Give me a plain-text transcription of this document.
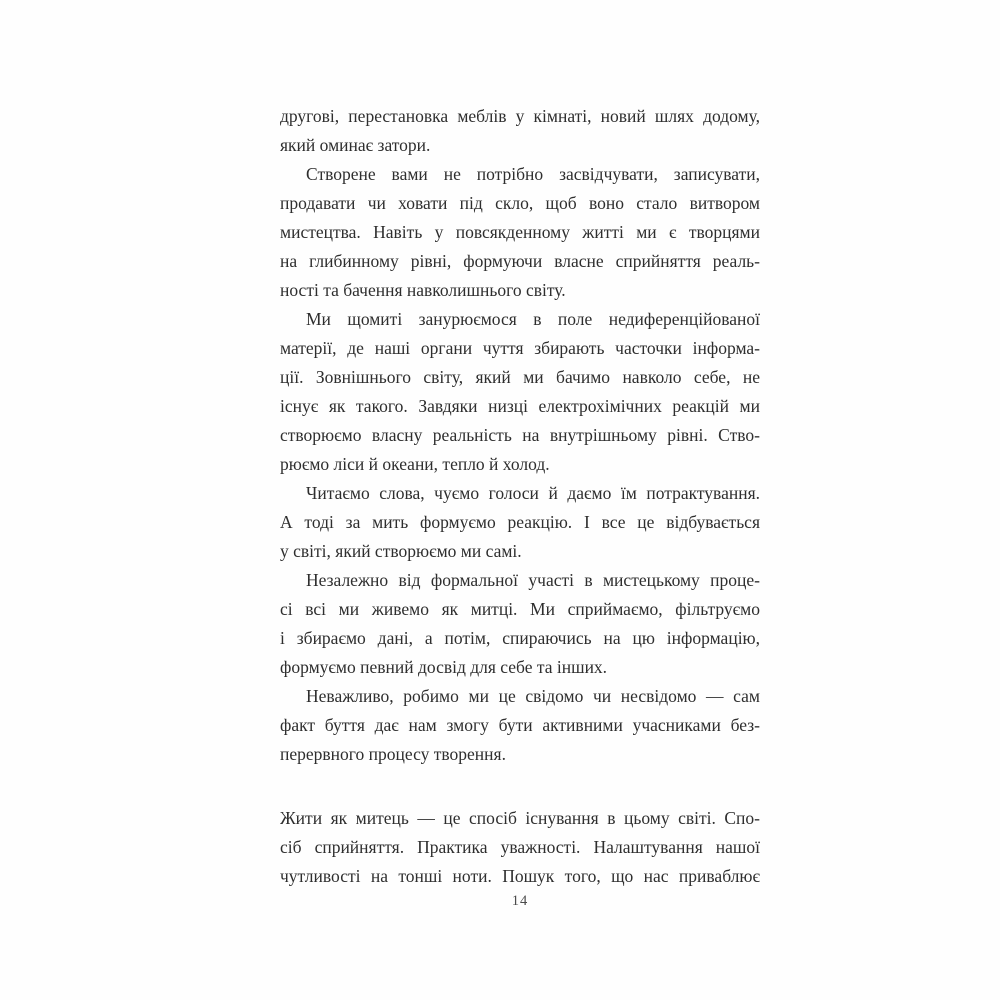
другові, перестановка меблів у кімнаті, новий шлях додому,
який оминає затори.
Створене вами не потрібно засвідчувати, записувати,
продавати чи ховати під скло, щоб воно стало витвором
мистецтва. Навіть у повсякденному житті ми є творцями
на глибинному рівні, формуючи власне сприйняття реаль-
ності та бачення навколишнього світу.
Ми щомиті занурюємося в поле недиференційованої
матерії, де наші органи чуття збирають часточки інформа-
ції. Зовнішнього світу, який ми бачимо навколо себе, не
існує як такого. Завдяки низці електрохімічних реакцій ми
створюємо власну реальність на внутрішньому рівні. Ство-
рюємо ліси й океани, тепло й холод.
Читаємо слова, чуємо голоси й даємо їм потрактування.
А тоді за мить формуємо реакцію. І все це відбувається
у світі, який створюємо ми самі.
Незалежно від формальної участі в мистецькому проце-
сі всі ми живемо як митці. Ми сприймаємо, фільтруємо
і збираємо дані, а потім, спираючись на цю інформацію,
формуємо певний досвід для себе та інших.
Неважливо, робимо ми це свідомо чи несвідомо — сам
факт буття дає нам змогу бути активними учасниками без-
перервного процесу творення.
Жити як митець — це спосіб існування в цьому світі. Спо-
сіб сприйняття. Практика уважності. Налаштування нашої
чутливості на тонші ноти. Пошук того, що нас приваблює
14
